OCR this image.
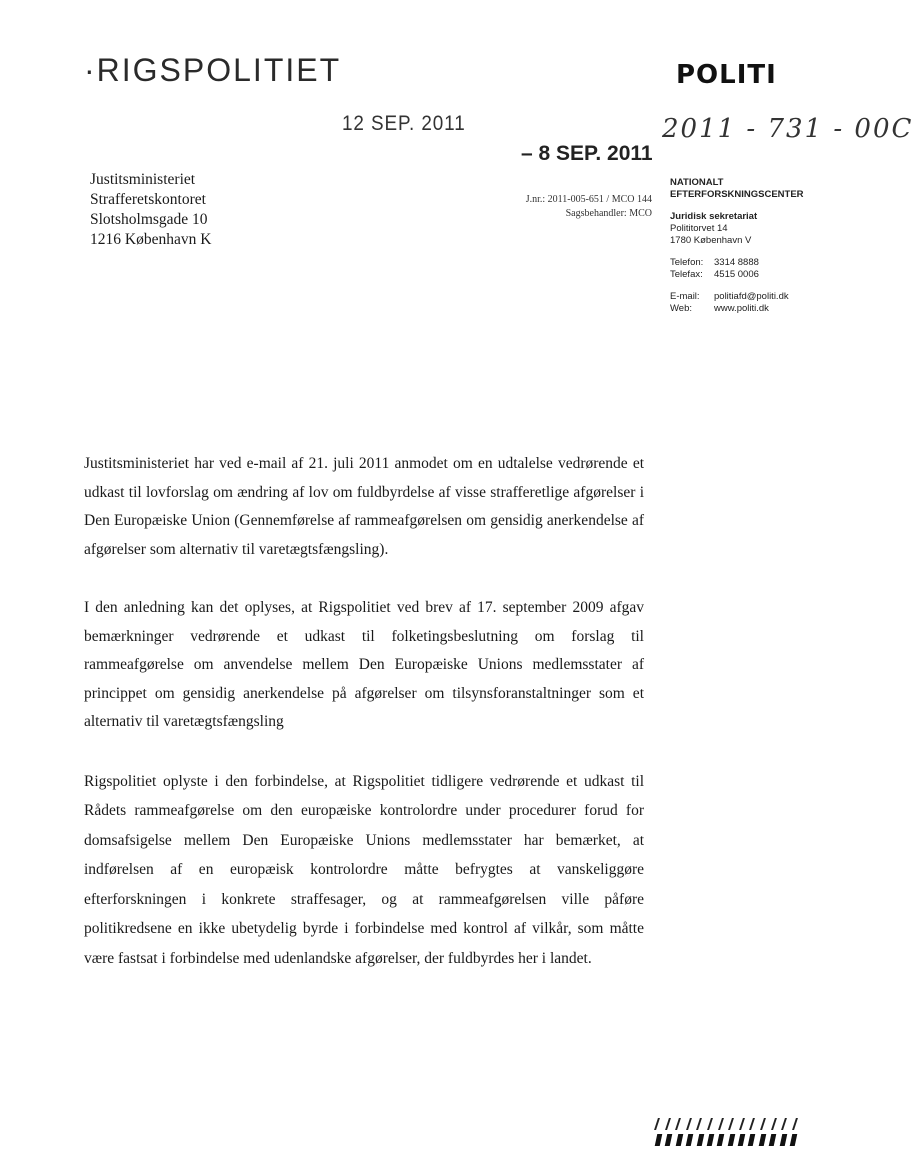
·RIGSPOLITIET	POLITI
12 SEP. 2011
– 8 SEP. 2011
2011 - 731 - 00C
Justitsministeriet
Strafferetskontoret
Slotsholmsgade 10
1216 København K
J.nr.: 2011-005-651 / MCO 144
Sagsbehandler: MCO
NATIONALT
EFTERFORSKNINGSCENTER
Juridisk sekretariat
Polititorvet 14
1780 København V
Telefon:	3314 8888
Telefax:	4515 0006
E-mail:	politiafd@politi.dk
Web:	www.politi.dk

Justitsministeriet har ved e-mail af 21. juli 2011 anmodet om en udtalelse vedrørende et udkast til lovforslag om ændring af lov om fuldbyrdelse af visse strafferetlige afgørelser i Den Europæiske Union (Gennemførelse af rammeafgørelsen om gensidig anerkendelse af afgørelser som alternativ til varetægtsfængsling).

I den anledning kan det oplyses, at Rigspolitiet ved brev af 17. september 2009 afgav bemærkninger vedrørende et udkast til folketingsbeslutning om forslag til rammeafgørelse om anvendelse mellem Den Europæiske Unions medlemsstater af princippet om gensidig anerkendelse på afgørelser om tilsynsforanstaltninger som et alternativ til varetægtsfængsling

Rigspolitiet oplyste i den forbindelse, at Rigspolitiet tidligere vedrørende et udkast til Rådets rammeafgørelse om den europæiske kontrolordre under procedurer forud for domsafsigelse mellem Den Europæiske Unions medlemsstater har bemærket, at indførelsen af en europæisk kontrolordre måtte befrygtes at vanskeliggøre efterforskningen i konkrete straffesager, og at rammeafgørelsen ville påføre politikredsene en ikke ubetydelig byrde i forbindelse med kontrol af vilkår, som måtte være fastsat i forbindelse med udenlandske afgørelser, der fuldbyrdes her i landet.
